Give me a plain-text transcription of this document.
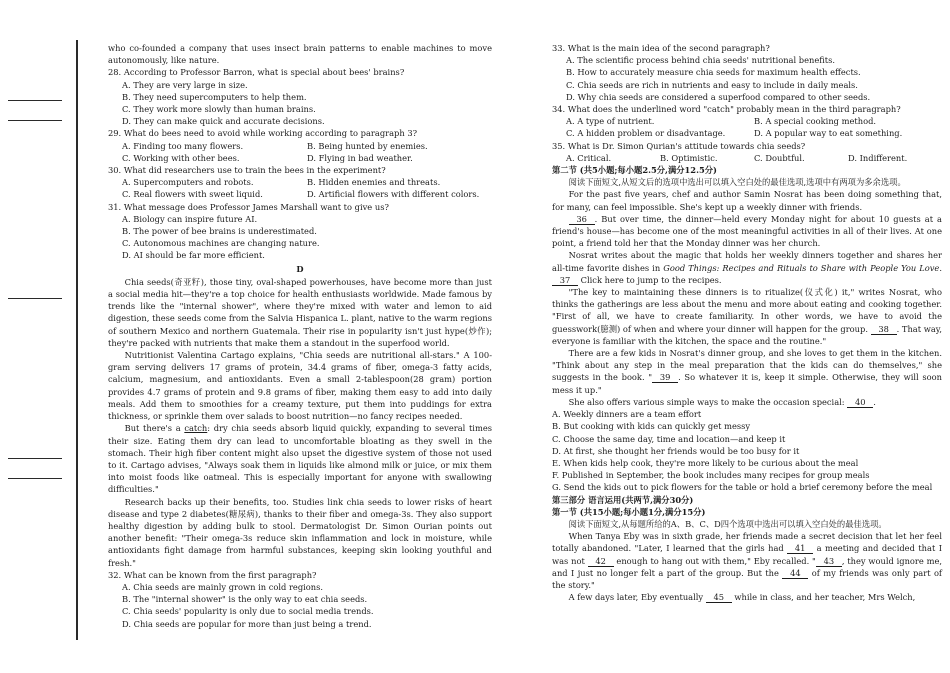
who co-founded a company that uses insect brain patterns to enable machines to move autonomously, like nature.
28. According to Professor Barron, what is special about bees' brains?
A. They are very large in size.
B. They need supercomputers to help them.
C. They work more slowly than human brains.
D. They can make quick and accurate decisions.
29. What do bees need to avoid while working according to paragraph 3?
A. Finding too many flowers.	B. Being hunted by enemies.
C. Working with other bees.	D. Flying in bad weather.
30. What did researchers use to train the bees in the experiment?
A. Supercomputers and robots.	B. Hidden enemies and threats.
C. Real flowers with sweet liquid.	D. Artificial flowers with different colors.
31. What message does Professor James Marshall want to give us?
A. Biology can inspire future AI.
B. The power of bee brains is underestimated.
C. Autonomous machines are changing nature.
D. AI should be far more efficient.
D
Chia seeds(奇亚籽), those tiny, oval-shaped powerhouses, have become more than just a social media hit—they're a top choice for health enthusiasts worldwide. Made famous by trends like the "internal shower", where they're mixed with water and lemon to aid digestion, these seeds come from the Salvia Hispanica L. plant, native to the warm regions of southern Mexico and northern Guatemala. Their rise in popularity isn't just hype(炒作); they're packed with nutrients that make them a standout in the superfood world.
Nutritionist Valentina Cartago explains, "Chia seeds are nutritional all-stars." A 100-gram serving delivers 17 grams of protein, 34.4 grams of fiber, omega-3 fatty acids, calcium, magnesium, and antioxidants. Even a small 2-tablespoon(28 gram) portion provides 4.7 grams of protein and 9.8 grams of fiber, making them easy to add into daily meals. Add them to smoothies for a creamy texture, put them into puddings for extra thickness, or sprinkle them over salads to boost nutrition—no fancy recipes needed.
But there's a catch: dry chia seeds absorb liquid quickly, expanding to several times their size. Eating them dry can lead to uncomfortable bloating as they swell in the stomach. Their high fiber content might also upset the digestive system of those not used to it. Cartago advises, "Always soak them in liquids like almond milk or juice, or mix them into moist foods like oatmeal. This is especially important for anyone with swallowing difficulties."
Research backs up their benefits, too. Studies link chia seeds to lower risks of heart disease and type 2 diabetes(糖尿病), thanks to their fiber and omega-3s. They also support healthy digestion by adding bulk to stool. Dermatologist Dr. Simon Ourian points out another benefit: "Their omega-3s reduce skin inflammation and lock in moisture, while antioxidants fight damage from harmful substances, keeping skin looking youthful and fresh."
32. What can be known from the first paragraph?
A. Chia seeds are mainly grown in cold regions.
B. The "internal shower" is the only way to eat chia seeds.
C. Chia seeds' popularity is only due to social media trends.
D. Chia seeds are popular for more than just being a trend.
33. What is the main idea of the second paragraph?
A. The scientific process behind chia seeds' nutritional benefits.
B. How to accurately measure chia seeds for maximum health effects.
C. Chia seeds are rich in nutrients and easy to include in daily meals.
D. Why chia seeds are considered a superfood compared to other seeds.
34. What does the underlined word "catch" probably mean in the third paragraph?
A. A type of nutrient.	B. A special cooking method.
C. A hidden problem or disadvantage.	D. A popular way to eat something.
35. What is Dr. Simon Qurian's attitude towards chia seeds?
A. Critical.	B. Optimistic.	C. Doubtful.	D. Indifferent.
第二节 (共5小题;每小题2.5分,满分12.5分)
阅读下面短文,从短文后的选项中选出可以填入空白处的最佳选项,选项中有两项为多余选项。
For the past five years, chef and author Samin Nosrat has been doing something that, for many, can feel impossible. She's kept up a weekly dinner with friends.
36 . But over time, the dinner—held every Monday night for about 10 guests at a friend's house—has become one of the most meaningful activities in all of their lives. At one point, a friend told her that the Monday dinner was her church.
Nosrat writes about the magic that holds her weekly dinners together and shares her all-time favorite dishes in Good Things: Recipes and Rituals to Share with People You Love. 37 Click here to jump to the recipes.
"The key to maintaining these dinners is to ritualize(仪式化) it," writes Nosrat, who thinks the gatherings are less about the menu and more about eating and cooking together. "First of all, we have to create familiarity. In other words, we have to avoid the guesswork(臆测) of when and where your dinner will happen for the group. 38 . That way, everyone is familiar with the kitchen, the space and the routine."
There are a few kids in Nosrat's dinner group, and she loves to get them in the kitchen. "Think about any step in the meal preparation that the kids can do themselves," she suggests in the book. " 39 . So whatever it is, keep it simple. Otherwise, they will soon mess it up."
She also offers various simple ways to make the occasion special: 40 .
A. Weekly dinners are a team effort
B. But cooking with kids can quickly get messy
C. Choose the same day, time and location—and keep it
D. At first, she thought her friends would be too busy for it
E. When kids help cook, they're more likely to be curious about the meal
F. Published in September, the book includes many recipes for group meals
G. Send the kids out to pick flowers for the table or hold a brief ceremony before the meal
第三部分 语言运用(共两节,满分30分)
第一节 (共15小题;每小题1分,满分15分)
阅读下面短文,从每题所给的A、B、C、D四个选项中选出可以填入空白处的最佳选项。
When Tanya Eby was in sixth grade, her friends made a secret decision that let her feel totally abandoned. "Later, I learned that the girls had 41 a meeting and decided that I was not 42 enough to hang out with them," Eby recalled. " 43 , they would ignore me, and I just no longer felt a part of the group. But the 44 of my friends was only part of the story."
A few days later, Eby eventually 45 while in class, and her teacher, Mrs Welch,
